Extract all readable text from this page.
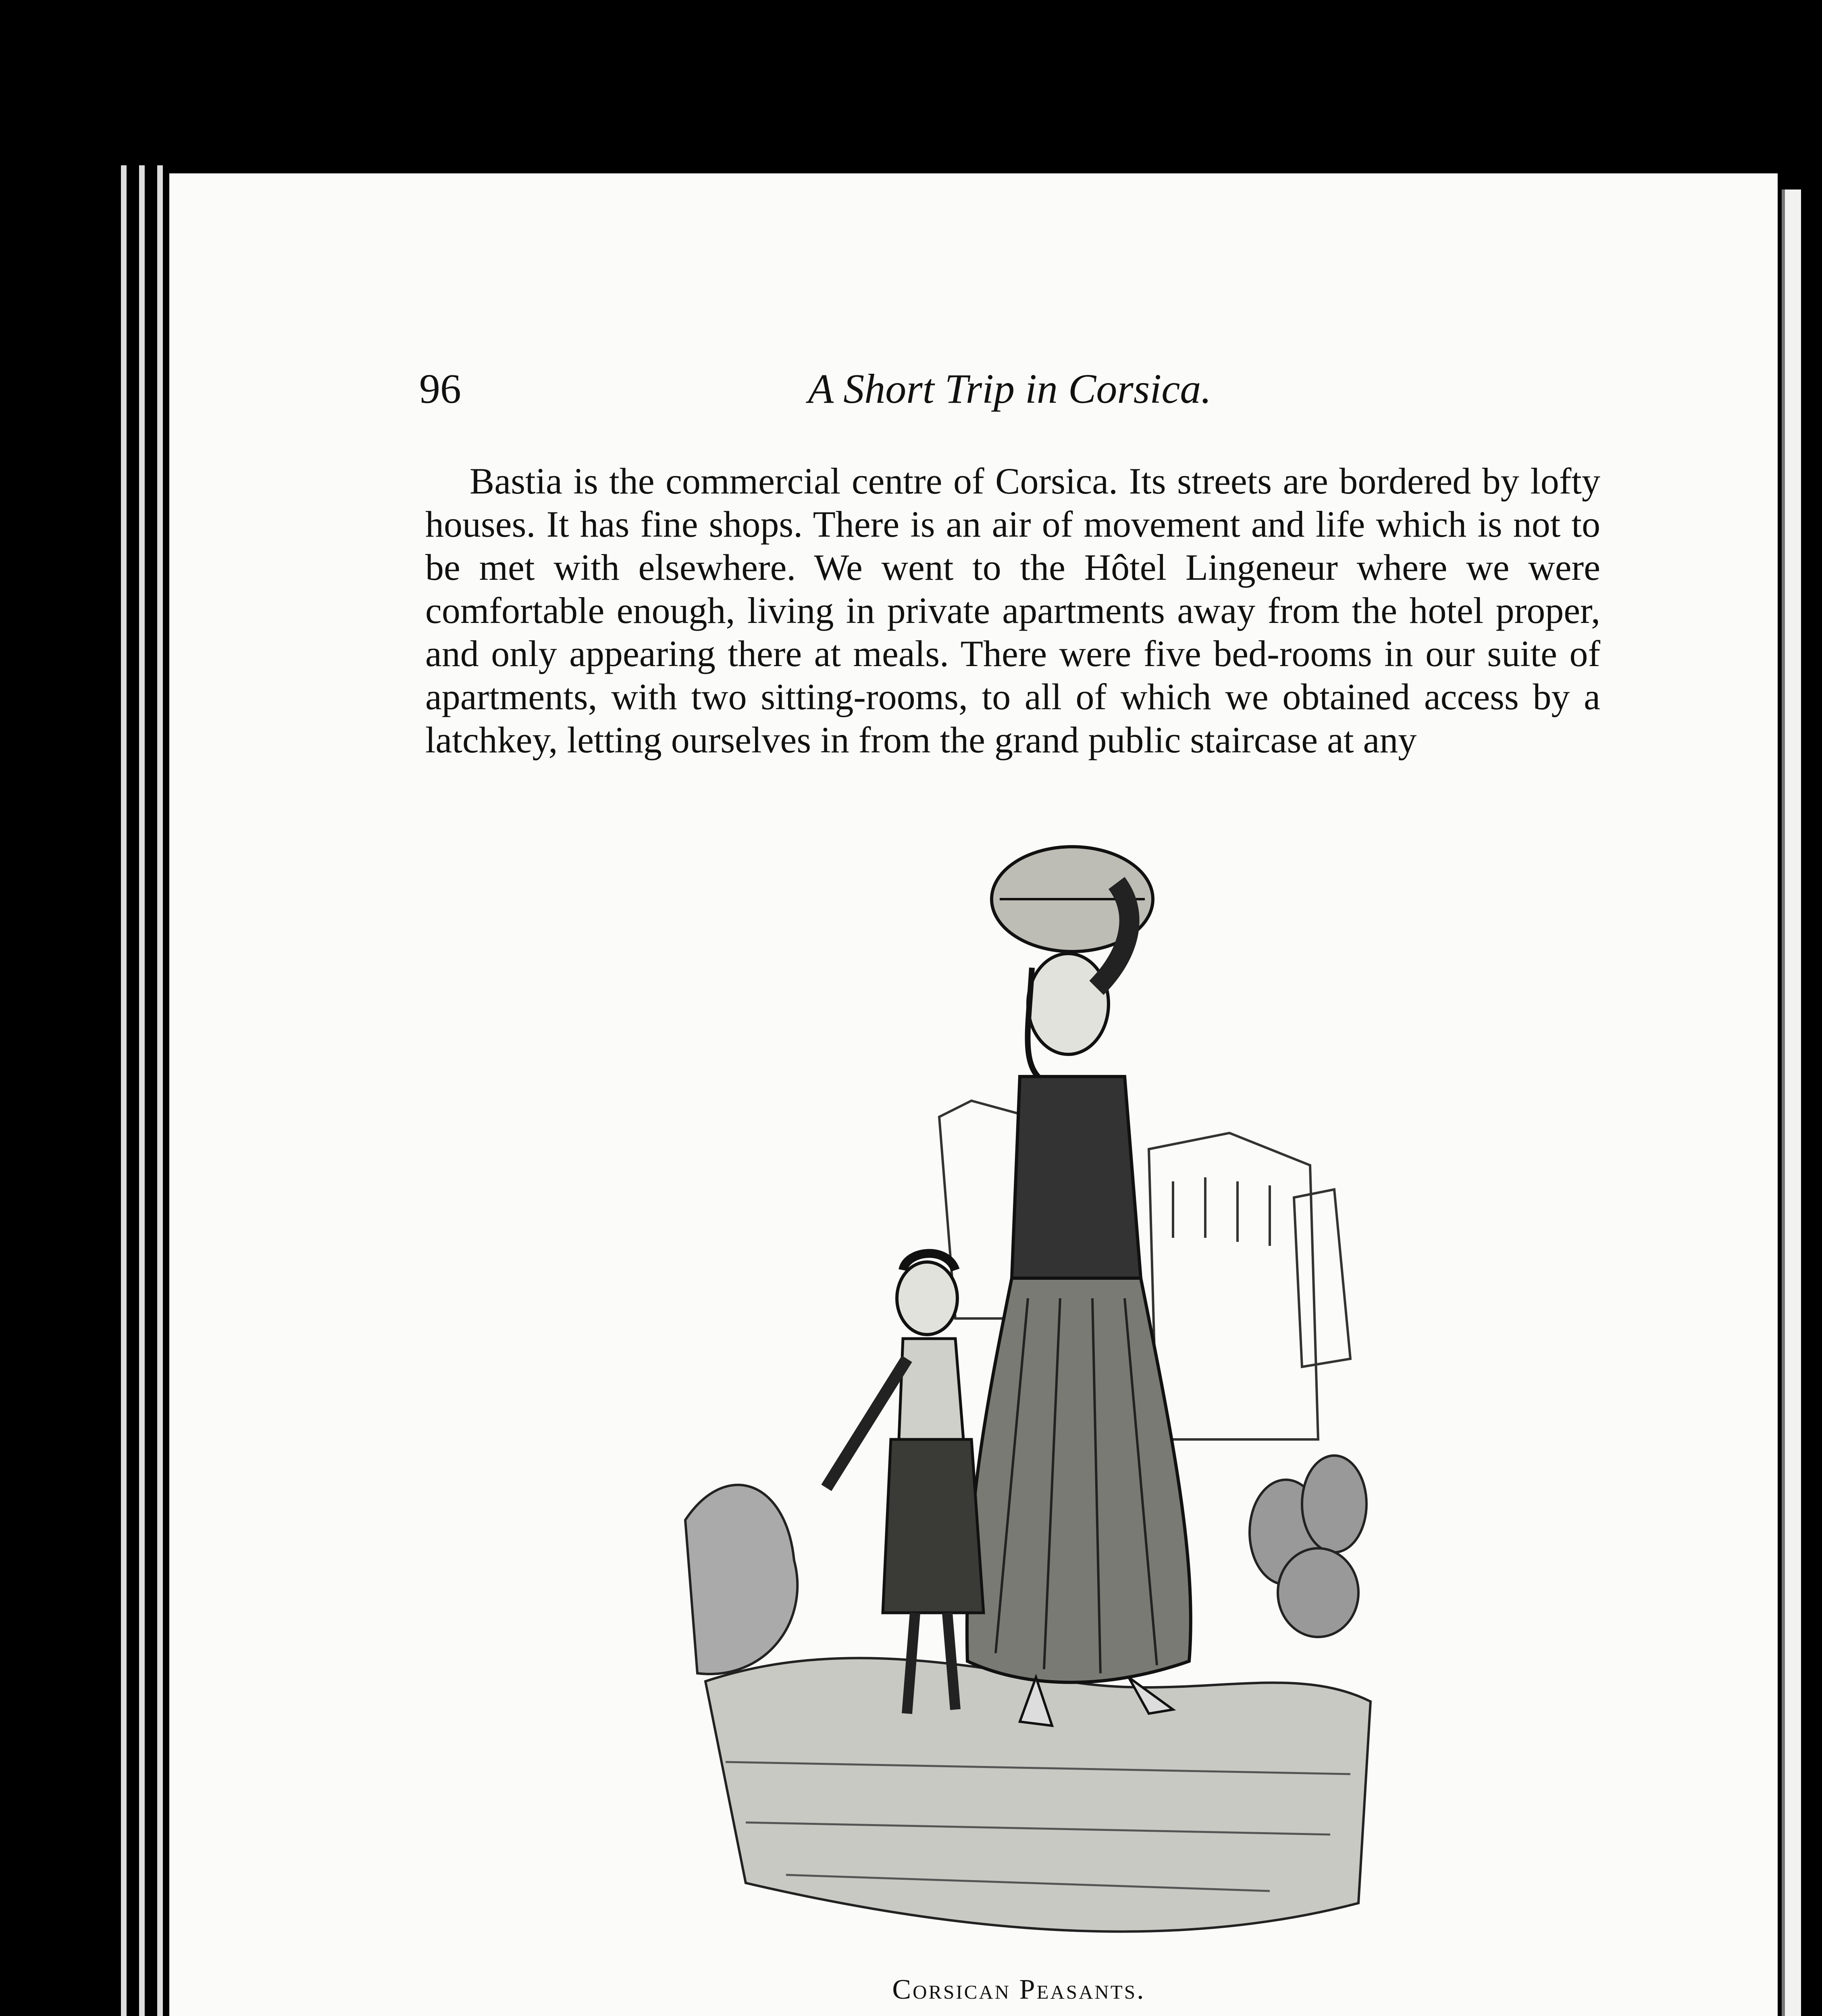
96	A Short Trip in Corsica.
Bastia is the commercial centre of Corsica. Its streets are bordered by lofty houses. It has fine shops. There is an air of movement and life which is not to be met with elsewhere. We went to the Hôtel Lingeneur where we were comfortable enough, living in private apartments away from the hotel proper, and only appearing there at meals. There were five bed-rooms in our suite of apartments, with two sitting-rooms, to all of which we obtained access by a latchkey, letting ourselves in from the grand public staircase at any
Corsican Peasants.
